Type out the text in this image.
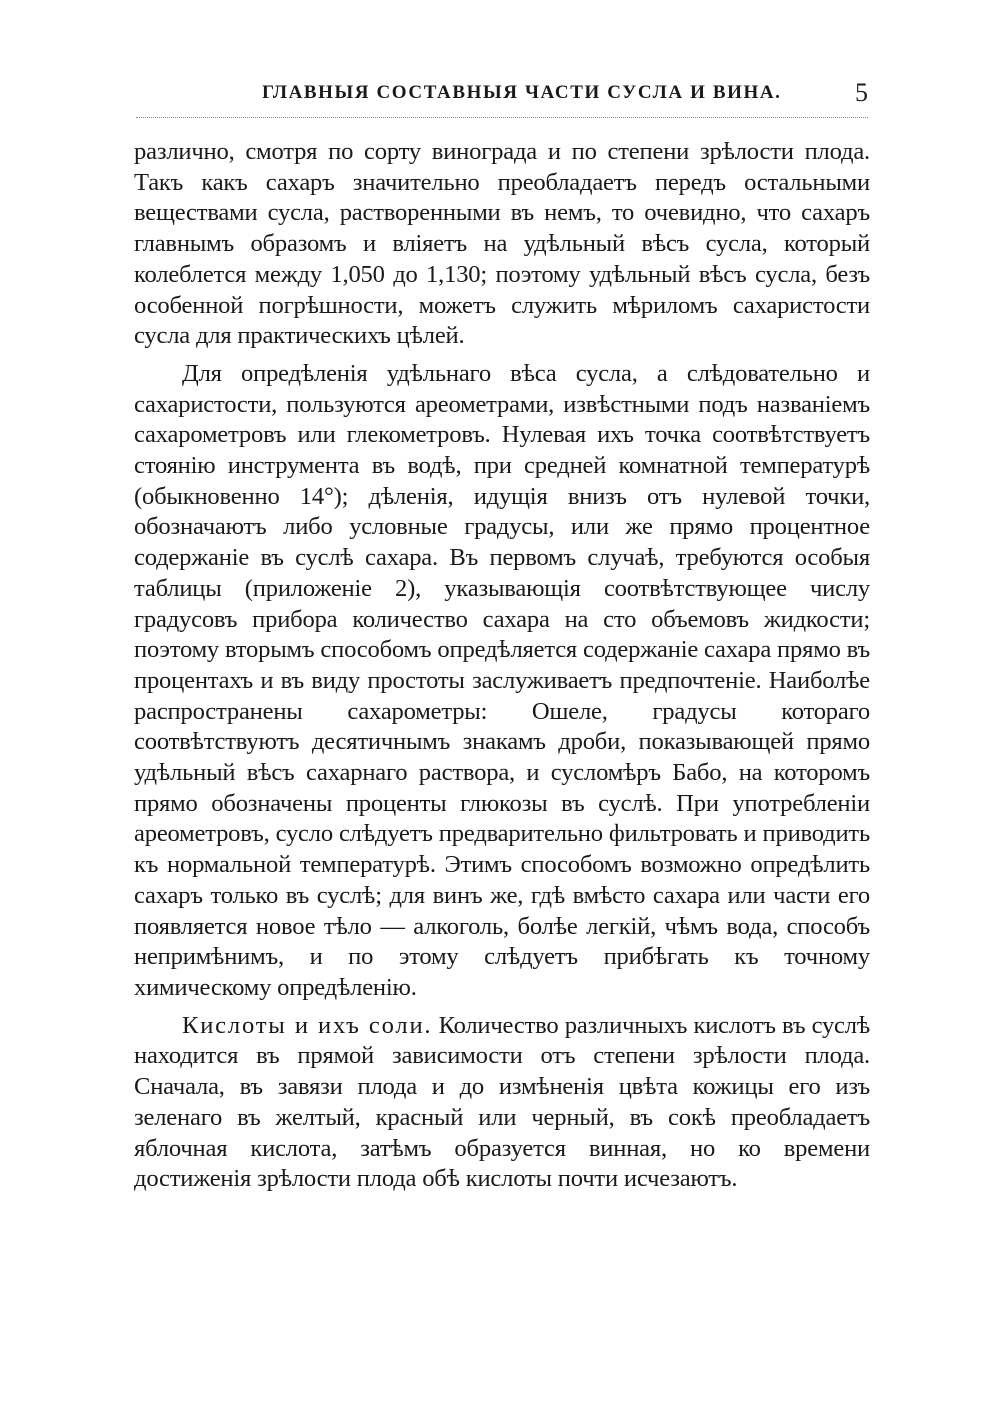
ГЛАВНЫЯ СОСТАВНЫЯ ЧАСТИ СУСЛА И ВИНА.	5

различно, смотря по сорту винограда и по степени зрѣлости плода. Такъ какъ сахаръ значительно преобладаетъ передъ остальными веществами сусла, растворенными въ немъ, то очевидно, что сахаръ главнымъ образомъ и вліяетъ на удѣльный вѣсъ сусла, который колеблется между 1,050 до 1,130; поэтому удѣльный вѣсъ сусла, безъ особенной погрѣшности, можетъ служить мѣриломъ сахаристости сусла для практическихъ цѣлей.

Для опредѣленія удѣльнаго вѣса сусла, а слѣдовательно и сахаристости, пользуются ареометрами, извѣстными подъ названіемъ сахарометровъ или глекометровъ. Нулевая ихъ точка соотвѣтствуетъ стоянію инструмента въ водѣ, при средней комнатной температурѣ (обыкновенно 14°); дѣленія, идущія внизъ отъ нулевой точки, обозначаютъ либо условные градусы, или же прямо процентное содержаніе въ суслѣ сахара. Въ первомъ случаѣ, требуются особыя таблицы (приложеніе 2), указывающія соотвѣтствующее числу градусовъ прибора количество сахара на сто объемовъ жидкости; поэтому вторымъ способомъ опредѣляется содержаніе сахара прямо въ процентахъ и въ виду простоты заслуживаетъ предпочтеніе. Наиболѣе распространены сахарометры: Ошеле, градусы котораго соотвѣтствуютъ десятичнымъ знакамъ дроби, показывающей прямо удѣльный вѣсъ сахарнаго раствора, и сусломѣръ Бабо, на которомъ прямо обозначены проценты глюкозы въ суслѣ. При употребленіи ареометровъ, сусло слѣдуетъ предварительно фильтровать и приводить къ нормальной температурѣ. Этимъ способомъ возможно опредѣлить сахаръ только въ суслѣ; для винъ же, гдѣ вмѣсто сахара или части его появляется новое тѣло — алкоголь, болѣе легкій, чѣмъ вода, способъ непримѣнимъ, и по этому слѣдуетъ прибѣгать къ точному химическому опредѣленію.

Кислоты и ихъ соли. Количество различныхъ кислотъ въ суслѣ находится въ прямой зависимости отъ степени зрѣлости плода. Сначала, въ завязи плода и до измѣненія цвѣта кожицы его изъ зеленаго въ желтый, красный или черный, въ сокѣ преобладаетъ яблочная кислота, затѣмъ образуется винная, но ко времени достиженія зрѣлости плода обѣ кислоты почти исчезаютъ.
